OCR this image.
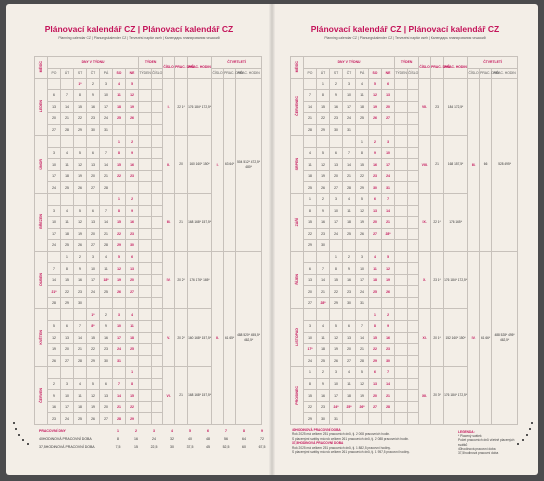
Plánovací kalendář CZ | Plánovací kalendář CZ
Planning calendar CZ | Planungskalender CZ | Tervezési naptár cseh | Календарь планирования чешский
MĚSÍC	DNY V TÝDNU							TÝDEN		ČÍSLO	PRAC. DNŮ	PRAC. HODIN	ČTVRTLETÍ		
	PO	ÚT	ST	ČT	PÁ	SO	NE	TÝDEN	ČÍSLO				ČÍSLO	PRAC. DNŮ	PRAC. HODIN
LEDEN			1*	2	3	4	5			I.	22 1*	176 184* 172,5*	I.	63 64*	504 512* 472,5* 480*
	6	7	8	9	10	11	12								
	13	14	15	16	17	18	19								
	20	21	22	23	24	25	26								
	27	28	29	30	31										
ÚNOR						1	2			II.	20	160 160* 150*			
	3	4	5	6	7	8	9								
	10	11	12	13	14	15	16								
	17	18	19	20	21	22	23								
	24	25	26	27	28										
BŘEZEN						1	2			III.	21	168 168* 157,5*			
	3	4	5	6	7	8	9								
	10	11	12	13	14	15	16								
	17	18	19	20	21	22	23								
	24	25	26	27	28	29	30								
DUBEN		1	2	3	4	5	6			IV.	20 2*	176 176* 165*	II.	61 65*	488 520* 455,5* 462,5*
	7	8	9	10	11	12	13								
	14	15	16	17	18*	19	20								
	21*	22	23	24	25	26	27								
	28	29	30												
KVĚTEN				1*	2	3	4			V.	20 2*	160 168* 157,5*			
	5	6	7	8*	9	10	11								
	12	13	14	15	16	17	18								
	19	20	21	22	23	24	25								
	26	27	28	29	30	31									
ČERVEN							1			VI.	21	168 168* 157,5*			
	2	3	4	5	6	7	8								
	9	10	11	12	13	14	15								
	16	17	18	19	20	21	22								
	23	24	25	26	27	28	29								
PRACOVNÍ DNY	1	2	3	4	5	6	7	8	9
40HODINOVÁ PRACOVNÍ DOBA	8	16	24	32	40	48	56	64	72
37,5HODINOVÁ PRACOVNÍ DOBA	7,5	15	22,5	30	37,5	45	52,5	60	67,5
Plánovací kalendář CZ | Plánovací kalendář CZ
Planning calendar CZ | Planungskalender CZ | Tervezési naptár cseh | Календарь планирования чешский
MĚSÍC	DNY V TÝDNU							TÝDEN		ČÍSLO	PRAC. DNŮ	PRAC. HODIN	ČTVRTLETÍ		
	PO	ÚT	ST	ČT	PÁ	SO	NE	TÝDEN	ČÍSLO				ČÍSLO	PRAC. DNŮ	PRAC. HODIN
ČERVENEC		1	2	3	4	5	6			VII.	23	184 172,5*	III.	66	528 495*
	7	8	9	10	11	12	13								
	14	15	16	17	18	19	20								
	21	22	23	24	25	26	27								
	28	29	30	31											
SRPEN					1	2	3			VIII.	21	168 157,5*			
	4	5	6	7	8	9	10								
	11	12	13	14	15	16	17								
	18	19	20	21	22	23	24								
	25	26	27	28	29	30	31								
ZÁŘÍ	1	2	3	4	5	6	7			IX.	22 1*	176 165*			
	8	9	10	11	12	13	14								
	15	16	17	18	19	20	21								
	22	23	24	25	26	27	28*								
	29	30													
ŘÍJEN			1	2	3	4	5			X.	23 1*	176 184* 172,5*	IV.	61 66*	488 528* 495* 462,5*
	6	7	8	9	10	11	12								
	13	14	15	16	17	18	19								
	20	21	22	23	24	25	26								
	27	28*	29	30	31										
LISTOPAD						1	2			XI.	20 1*	152 160* 150*			
	3	4	5	6	7	8	9								
	10	11	12	13	14	15	16								
	17*	18	19	20	21	22	23								
	24	25	26	27	28	29	30								
PROSINEC	1	2	3	4	5	6	7			XII.	20 3*	176 184* 172,5*			
	8	9	10	11	12	13	14								
	15	16	17	18	19	20	21								
	22	23	24*	25*	26*	27	28								
	29	30	31												
40HODINOVÁ PRACOVNÍ DOBA
Rok 2025 má celkem 251 pracovních dnů, tj. 2 008 pracovních hodin.
S placenými svátky má rok celkem 261 pracovních dnů, tj. 2 088 pracovních hodin.
37,5HODINOVÁ PRACOVNÍ DOBA
Rok 2025 má celkem 251 pracovních dnů, tj. 1 882,5 pracovní hodiny.
S placenými svátky má rok celkem 261 pracovních dnů, tj. 1 957,5 pracovní hodiny.
LEGENDA:
* Placený svátek
Počet pracovních dnů včetně placených svátků
40hodinová pracovní doba
37,5hodinová pracovní doba
